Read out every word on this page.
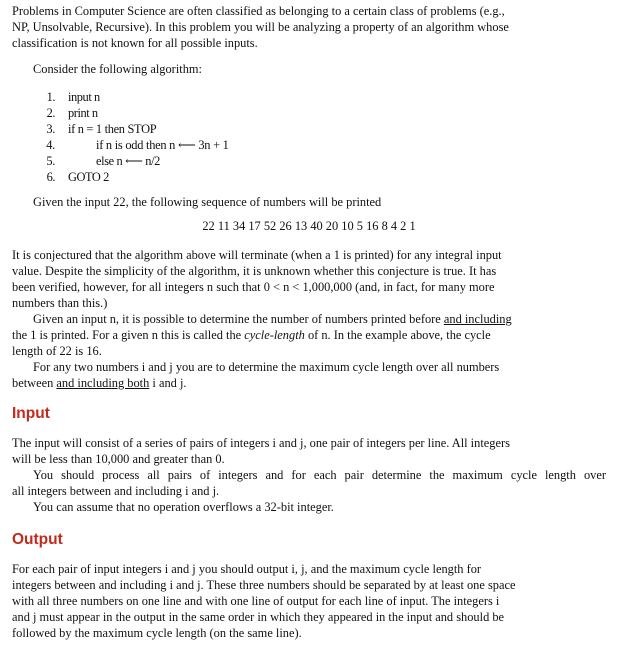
Problems in Computer Science are often classified as belonging to a certain class of problems (e.g.,
NP, Unsolvable, Recursive). In this problem you will be analyzing a property of an algorithm whose
classification is not known for all possible inputs.
Consider the following algorithm:
1. input n
2. print n
3. if n = 1 then STOP
4.	if n is odd then n ⟵ 3n + 1
5.	else n ⟵ n/2
6. GOTO 2
Given the input 22, the following sequence of numbers will be printed
22 11 34 17 52 26 13 40 20 10 5 16 8 4 2 1
It is conjectured that the algorithm above will terminate (when a 1 is printed) for any integral input
value. Despite the simplicity of the algorithm, it is unknown whether this conjecture is true. It has
been verified, however, for all integers n such that 0 < n < 1,000,000 (and, in fact, for many more
numbers than this.)
Given an input n, it is possible to determine the number of numbers printed before and including
the 1 is printed. For a given n this is called the cycle-length of n. In the example above, the cycle
length of 22 is 16.
For any two numbers i and j you are to determine the maximum cycle length over all numbers
between and including both i and j.
Input
The input will consist of a series of pairs of integers i and j, one pair of integers per line. All integers
will be less than 10,000 and greater than 0.
You should process all pairs of integers and for each pair determine the maximum cycle length over
all integers between and including i and j.
You can assume that no operation overflows a 32-bit integer.
Output
For each pair of input integers i and j you should output i, j, and the maximum cycle length for
integers between and including i and j. These three numbers should be separated by at least one space
with all three numbers on one line and with one line of output for each line of input. The integers i
and j must appear in the output in the same order in which they appeared in the input and should be
followed by the maximum cycle length (on the same line).
